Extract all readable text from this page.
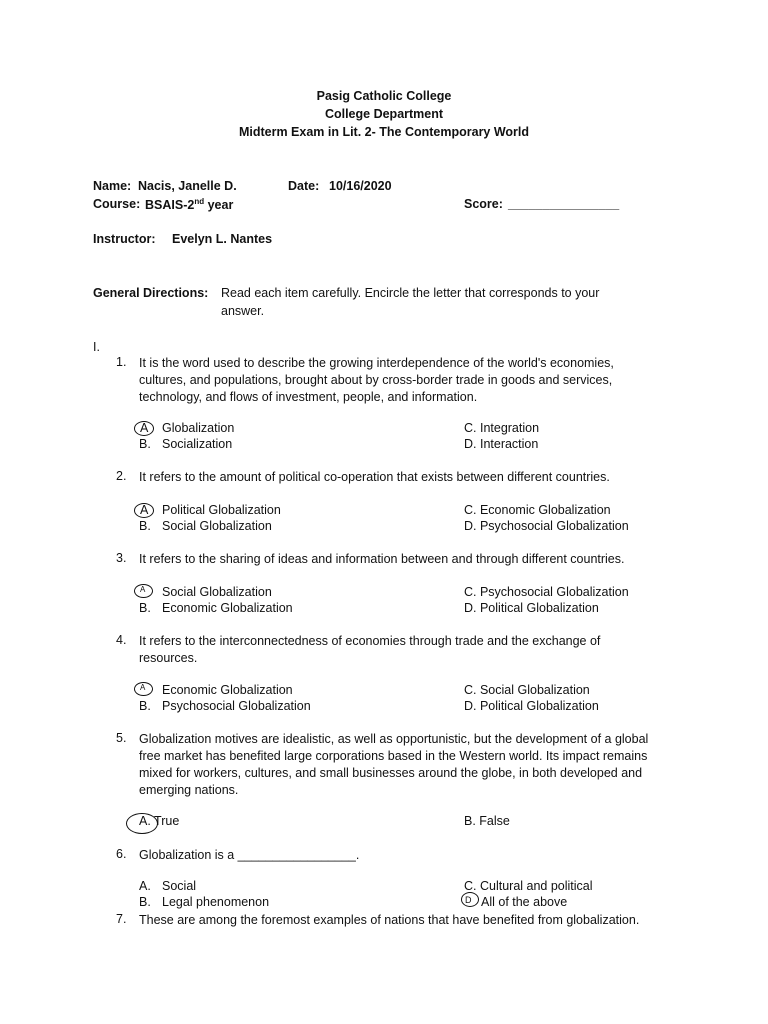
Pasig Catholic College
College Department
Midterm Exam in Lit. 2- The Contemporary World
Name: Nacis, Janelle D.	Date: 10/16/2020
Course: BSAIS-2nd year	Score: ________________
Instructor: Evelyn L. Nantes
General Directions: Read each item carefully. Encircle the letter that corresponds to your
answer.
I.
1. It is the word used to describe the growing interdependence of the world's economies,
cultures, and populations, brought about by cross-border trade in goods and services,
technology, and flows of investment, people, and information.
A Globalization
B. Socialization
C. Integration
D. Interaction
2. It refers to the amount of political co-operation that exists between different countries.
A Political Globalization
B. Social Globalization
C. Economic Globalization
D. Psychosocial Globalization
3. It refers to the sharing of ideas and information between and through different countries.
A Social Globalization
B. Economic Globalization
C. Psychosocial Globalization
D. Political Globalization
4. It refers to the interconnectedness of economies through trade and the exchange of
resources.
A Economic Globalization
B. Psychosocial Globalization
C. Social Globalization
D. Political Globalization
5. Globalization motives are idealistic, as well as opportunistic, but the development of a global
free market has benefited large corporations based in the Western world. Its impact remains
mixed for workers, cultures, and small businesses around the globe, in both developed and
emerging nations.
A. True	B. False
6. Globalization is a _________________.
A. Social
B. Legal phenomenon
C. Cultural and political
D All of the above
7. These are among the foremost examples of nations that have benefited from globalization.
